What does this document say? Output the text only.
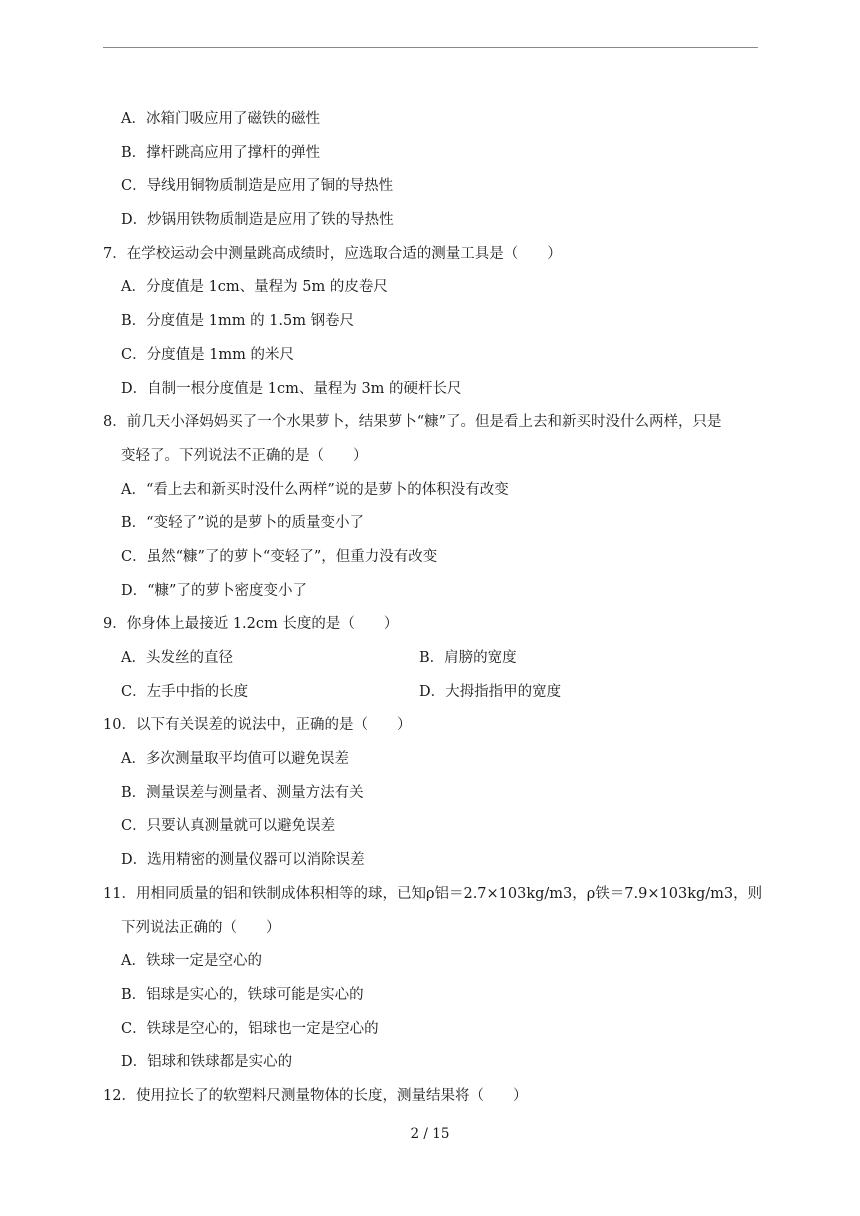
A．冰箱门吸应用了磁铁的磁性
B．撑杆跳高应用了撑杆的弹性
C．导线用铜物质制造是应用了铜的导热性
D．炒锅用铁物质制造是应用了铁的导热性
7．在学校运动会中测量跳高成绩时，应选取合适的测量工具是（　　）
A．分度值是 1cm、量程为 5m 的皮卷尺
B．分度值是 1mm 的 1.5m 钢卷尺
C．分度值是 1mm 的米尺
D．自制一根分度值是 1cm、量程为 3m 的硬杆长尺
8．前几天小泽妈妈买了一个水果萝卜，结果萝卜“糠”了。但是看上去和新买时没什么两样，只是
变轻了。下列说法不正确的是（　　）
A．“看上去和新买时没什么两样”说的是萝卜的体积没有改变
B．“变轻了”说的是萝卜的质量变小了
C．虽然“糠”了的萝卜“变轻了”，但重力没有改变
D．“糠”了的萝卜密度变小了
9．你身体上最接近 1.2cm 长度的是（　　）
A．头发丝的直径	B．肩膀的宽度
C．左手中指的长度	D．大拇指指甲的宽度
10．以下有关误差的说法中，正确的是（　　）
A．多次测量取平均值可以避免误差
B．测量误差与测量者、测量方法有关
C．只要认真测量就可以避免误差
D．选用精密的测量仪器可以消除误差
11．用相同质量的铝和铁制成体积相等的球，已知ρ铝＝2.7×103kg/m3，ρ铁＝7.9×103kg/m3，则
下列说法正确的（　　）
A．铁球一定是空心的
B．铝球是实心的，铁球可能是实心的
C．铁球是空心的，铝球也一定是空心的
D．铝球和铁球都是实心的
12．使用拉长了的软塑料尺测量物体的长度，测量结果将（　　）
2 / 15
